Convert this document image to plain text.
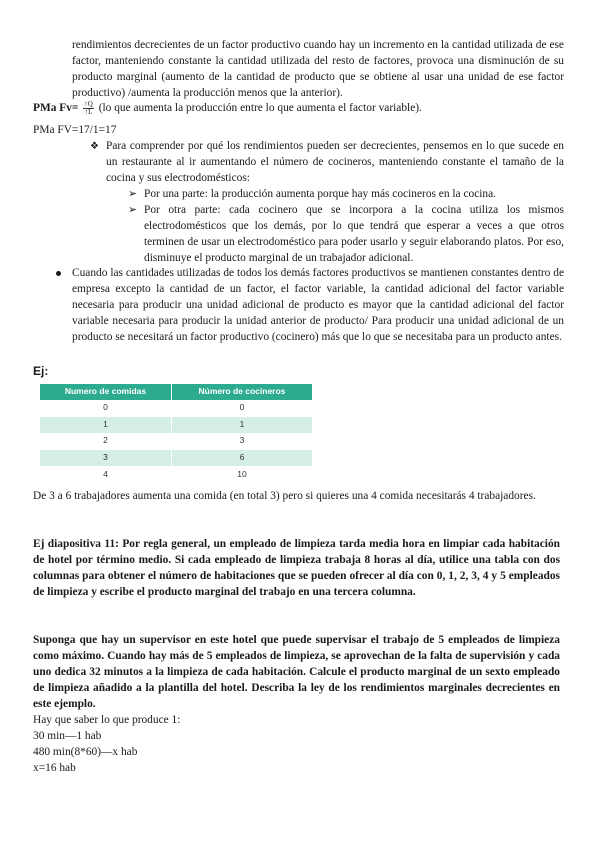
rendimientos decrecientes de un factor productivo cuando hay un incremento en la cantidad utilizada de ese factor, manteniendo constante la cantidad utilizada del resto de factores, provoca una disminución de su producto marginal (aumento de la cantidad de producto que se obtiene al usar una unidad de ese factor productivo) /aumenta la producción menos que la anterior).

PMa $Fv= \frac{↑Q}{↑L} (lo$ que aumenta la producción entre lo que aumenta el factor variable).

PMa FV=17/1=17

❖ Para comprender por qué los rendimientos pueden ser decrecientes, pensemos en lo que sucede en un restaurante al ir aumentando el número de cocineros, manteniendo constante el tamaño de la cocina y sus electrodomésticos:

➢ Por una parte: la producción aumenta porque hay más cocineros en la cocina.

➢ Por otra parte: cada cocinero que se incorpora a la cocina utiliza los mismos electrodomésticos que los demás, por lo que tendrá que esperar a veces a que otros terminen de usar un electrodoméstico para poder usarlo y seguir elaborando platos. Por eso, disminuye el producto marginal de un trabajador adicional.

Cuando las cantidades utilizadas de todos los demás factores productivos se mantienen constantes dentro de empresa excepto la cantidad de un factor, el factor variable, la cantidad adicional del factor variable necesaria para producir una unidad adicional de producto es mayor que la cantidad adicional del factor variable necesaria para producir la unidad anterior de producto/ Para producir una unidad adicional de un producto se necesitará un factor productivo (cocinero) más que lo que se necesitaba para un producto antes.

Ej:
Numero de comidas	Número de cocineros
0	0
1	1
2	3
3	6
4	10

De 3 a 6 trabajadores aumenta una comida (en total 3) pero si quieres una 4 comida necesitarás 4 trabajadores.

Ej diapositiva 11: Por regla general, un empleado de limpieza tarda media hora en limpiar cada habitación de hotel por término medio. Si cada empleado de limpieza trabaja 8 horas al día, utilice una tabla con dos columnas para obtener el número de habitaciones que se pueden ofrecer al día con 0, 1, 2, 3, 4 y 5 empleados de limpieza y escribe el producto marginal del trabajo en una tercera columna.

Suponga que hay un supervisor en este hotel que puede supervisar el trabajo de 5 empleados de limpieza como máximo. Cuando hay más de 5 empleados de limpieza, se aprovechan de la falta de supervisión y cada uno dedica 32 minutos a la limpieza de cada habitación. Calcule el producto marginal de un sexto empleado de limpieza añadido a la plantilla del hotel. Describa la ley de los rendimientos marginales decrecientes en este ejemplo.

Hay que saber lo que produce 1:

30 min—1 hab

480 min(8*60)—x hab

x=16 hab
